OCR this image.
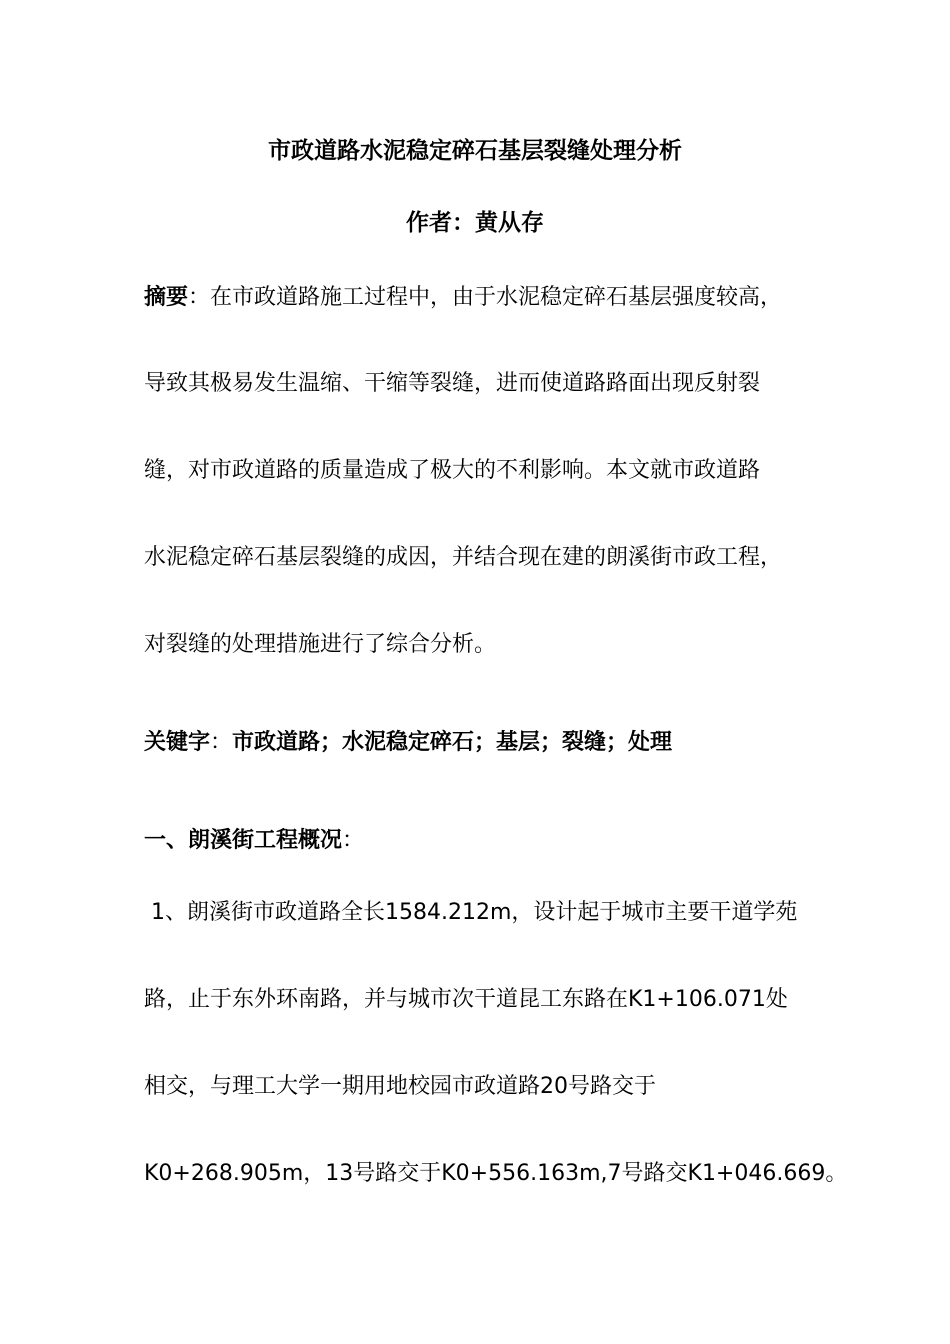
市政道路水泥稳定碎石基层裂缝处理分析
作者：黄从存
摘要：在市政道路施工过程中，由于水泥稳定碎石基层强度较高，
导致其极易发生温缩、干缩等裂缝，进而使道路路面出现反射裂
缝，对市政道路的质量造成了极大的不利影响。本文就市政道路
水泥稳定碎石基层裂缝的成因，并结合现在建的朗溪街市政工程，
对裂缝的处理措施进行了综合分析。
关键字：市政道路；水泥稳定碎石；基层；裂缝；处理
一、朗溪街工程概况：
1、朗溪街市政道路全长1584.212m，设计起于城市主要干道学苑
路，止于东外环南路，并与城市次干道昆工东路在K1+106.071处
相交，与理工大学一期用地校园市政道路20号路交于
K0+268.905m，13号路交于K0+556.163m,7号路交K1+046.669。
